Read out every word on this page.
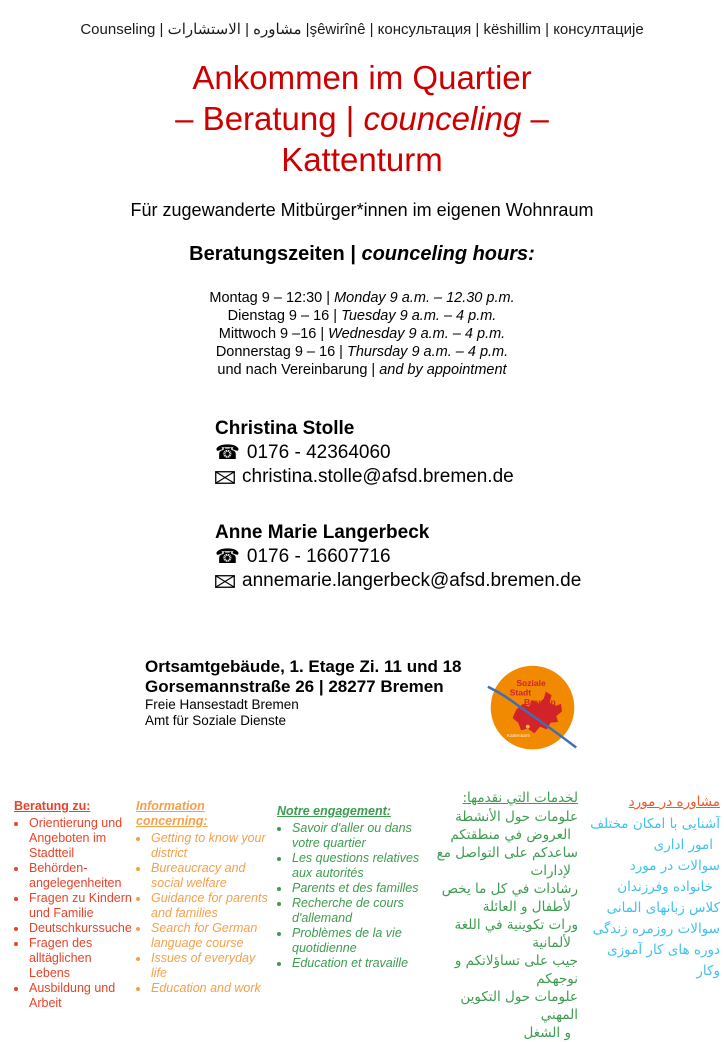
Counseling | الاستشارات ‎| مشاوره ‎|şêwirînê | консультация | këshillim | консултације
Ankommen im Quartier
– Beratung | counceling –
Kattenturm
Für zugewanderte Mitbürger*innen im eigenen Wohnraum
Beratungszeiten | counceling hours:
Montag 9 – 12:30 | Monday 9 a.m. – 12.30 p.m.
Dienstag 9 – 16 | Tuesday 9 a.m. – 4 p.m.
Mittwoch 9 –16 | Wednesday 9 a.m. – 4 p.m.
Donnerstag 9 – 16 | Thursday 9 a.m. – 4 p.m.
und nach Vereinbarung | and by appointment
Christina Stolle
☎ 0176 - 42364060
christina.stolle@afsd.bremen.de
Anne Marie Langerbeck
☎ 0176 - 16607716
annemarie.langerbeck@afsd.bremen.de
Ortsamtgebäude, 1. Etage Zi. 11 und 18
Gorsemannstraße 26 | 28277 Bremen
Freie Hansestadt Bremen
Amt für Soziale Dienste
Soziale
Stadt
Bremen
Kattenturm
Beratung zu:
• Orientierung und Angeboten im Stadtteil
• Behörden-angelegenheiten
• Fragen zu Kindern und Familie
• Deutschkurssuche
• Fragen des alltäglichen Lebens
• Ausbildung und Arbeit
Information concerning:
• Getting to know your district
• Bureaucracy and social welfare
• Guidance for parents and families
• Search for German language course
• Issues of everyday life
• Education and work
Notre engagement:
• Savoir d'aller ou dans votre quartier
• Les questions relatives aux autorités
• Parents et des familles
• Recherche de cours d'allemand
• Problèmes de la vie quotidienne
• Education et travaille
لخدمات التي نقدمها:
علومات حول الأنشطة
العروض في منطقتكم
ساعدكم على التواصل مع
لإدارات
رشادات في كل ما يخص
لأطفال و العائلة
ورات تكوينية في اللغة
لألمانية
جيب على تساؤلاتكم و نوجهكم
علومات حول التكوين المهني
و الشغل
مشاوره در مورد
آشنایی با امکان مختلف
امور اداری
سوالات در مورد
خانواده وفرزندان
کلاس زبانهای المانی
سوالات روزمره زندگی
دوره های کار آموزی
وکار
